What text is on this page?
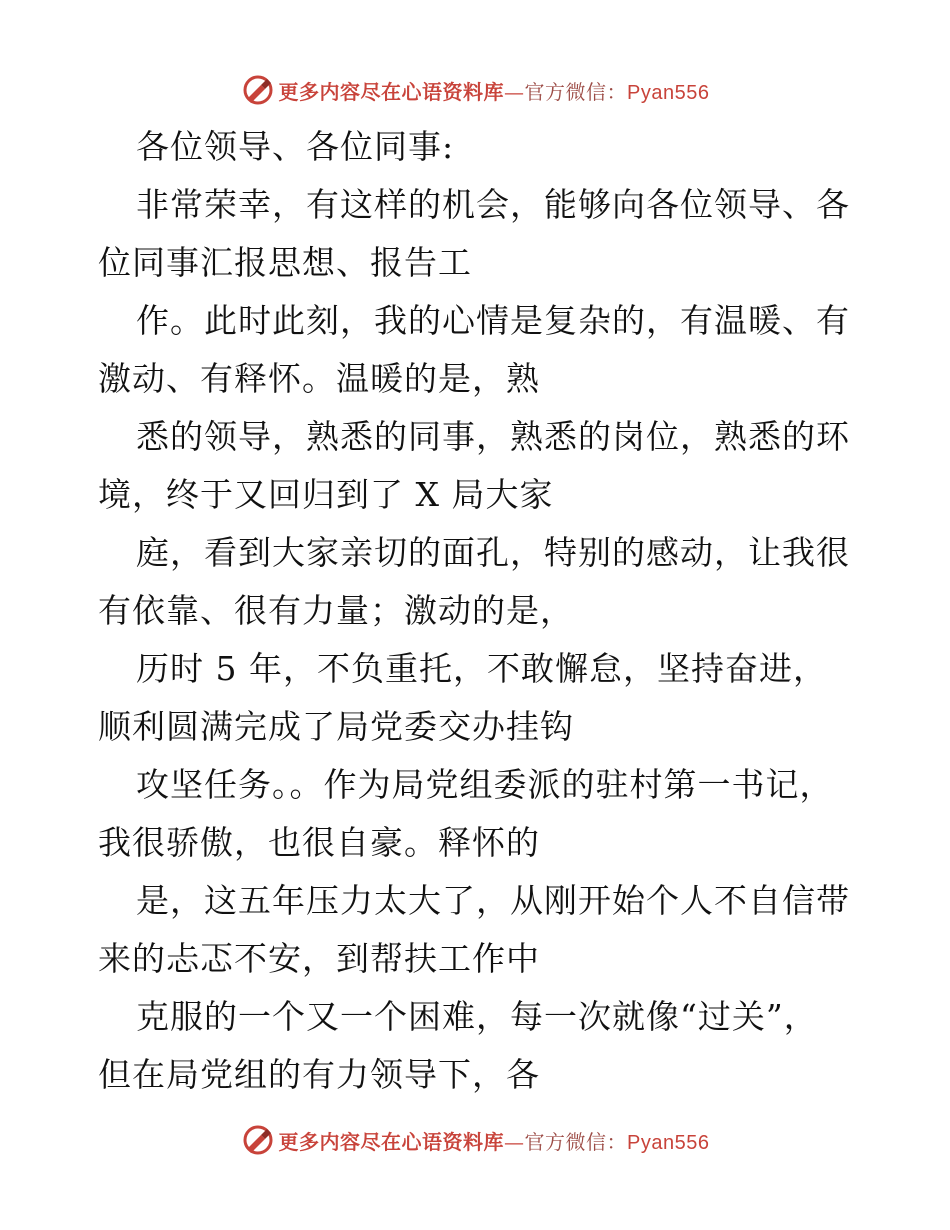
更多内容尽在心语资料库—官方微信：Pyan556
各位领导、各位同事:
非常荣幸，有这样的机会，能够向各位领导、各
位同事汇报思想、报告工
作。此时此刻，我的心情是复杂的，有温暖、有
激动、有释怀。温暖的是，熟
悉的领导，熟悉的同事，熟悉的岗位，熟悉的环
境，终于又回归到了 X 局大家
庭，看到大家亲切的面孔，特别的感动，让我很
有依靠、很有力量；激动的是，
历时 5 年，不负重托，不敢懈怠，坚持奋进，
顺利圆满完成了局党委交办挂钩
攻坚任务。。作为局党组委派的驻村第一书记，
我很骄傲，也很自豪。释怀的
是，这五年压力太大了，从刚开始个人不自信带
来的忐忑不安，到帮扶工作中
克服的一个又一个困难，每一次就像“过关”，
但在局党组的有力领导下，各
更多内容尽在心语资料库—官方微信：Pyan556
